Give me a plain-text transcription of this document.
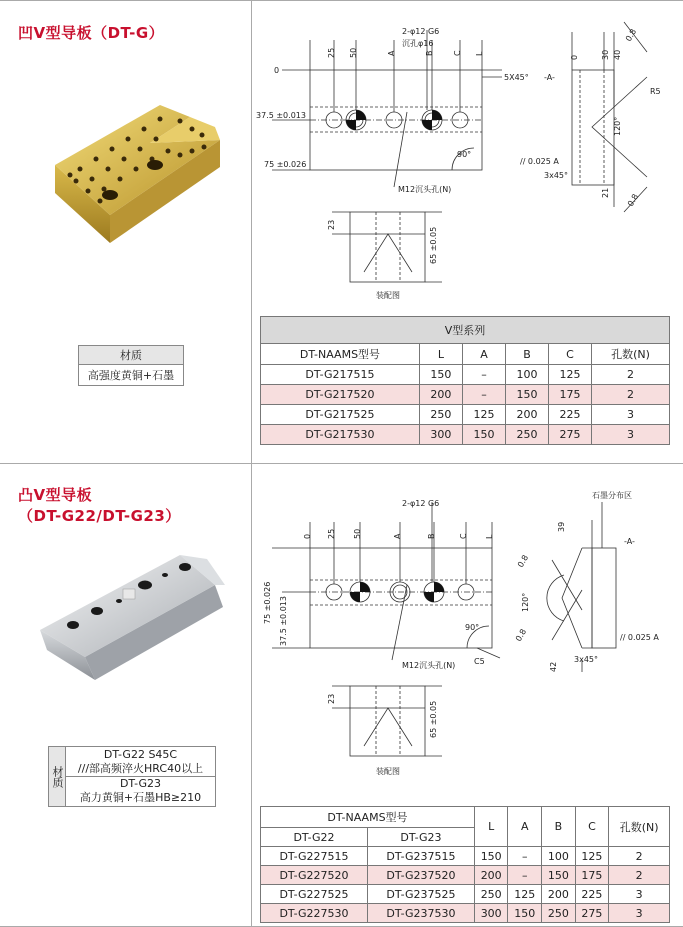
凹V型导板（DT-G）
材质
高强度黄铜+石墨
2-φ12 G6
沉孔φ16
5X45°
0
25 50	A	B C L
37.5 ±0.013
75 ±0.026
90°
M12沉头孔(N)
0	30 40
0.8
0.8
R5
120°
-A-
// 0.025 A
3x45°
21
23
65 ±0.05
装配图
V型系列					
DT-NAAMS型号	L	A	B	C	孔数(N)
DT-G217515	150	–	100	125	2
DT-G217520	200	–	150	175	2
DT-G217525	250	125	200	225	3
DT-G217530	300	150	250	275	3
凸V型导板
（DT-G22/DT-G23）
材质
DT-G22 S45C
///部高频淬火HRC40以上
DT-G23
高力黄铜+石墨HB≥210
2-φ12 G6
0 25 50	A	B	C L
75 ±0.026 37.5 ±0.013	90°
C5
M12沉头孔(N)
石墨分布区
39
-A-
120°
0.8
0.8	// 0.025 A
42
3x45°
23
65 ±0.05
装配图
DT-NAAMS型号		L	A	B	C	孔数(N)
DT-G22	DT-G23					
DT-G227515	DT-G237515	150	–	100	125	2
DT-G227520	DT-G237520	200	–	150	175	2
DT-G227525	DT-G237525	250	125	200	225	3
DT-G227530	DT-G237530	300	150	250	275	3
